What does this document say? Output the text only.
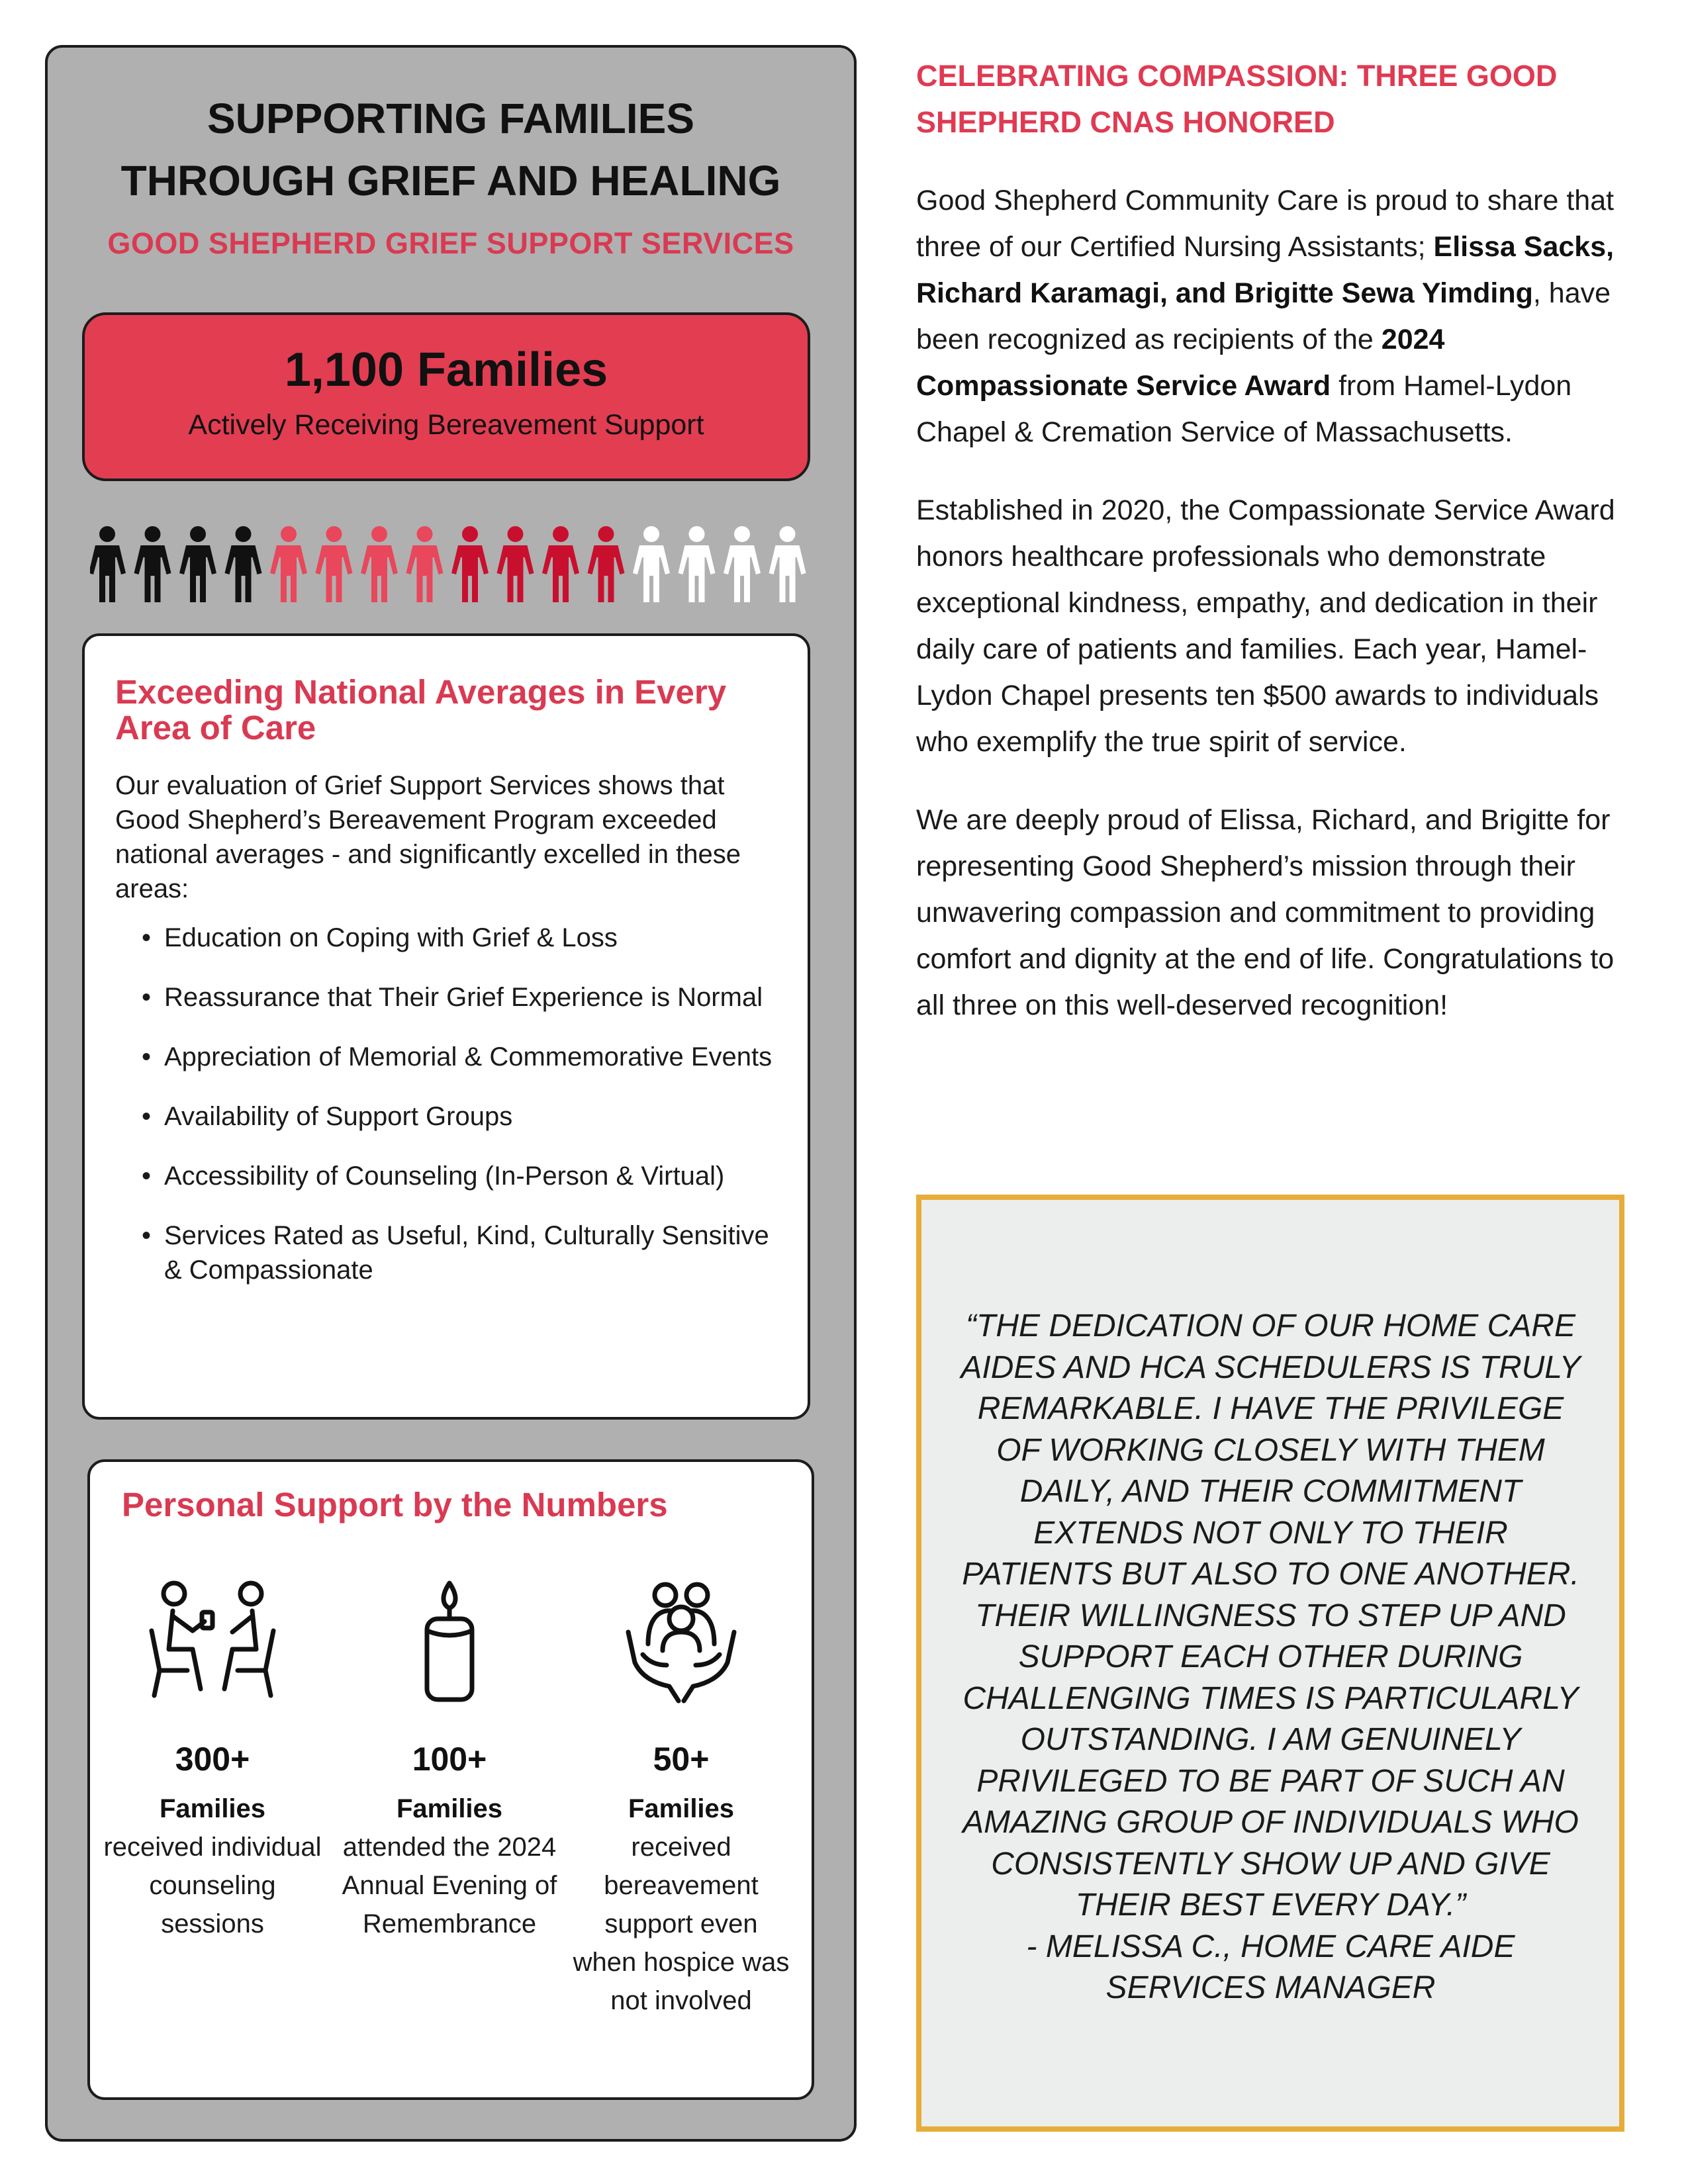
SUPPORTING FAMILIES
THROUGH GRIEF AND HEALING
GOOD SHEPHERD GRIEF SUPPORT SERVICES
1,100 Families
Actively Receiving Bereavement Support
Exceeding National Averages in Every Area of Care

Our evaluation of Grief Support Services shows that Good Shepherd’s Bereavement Program exceeded national averages - and significantly excelled in these areas:

• Education on Coping with Grief & Loss
• Reassurance that Their Grief Experience is Normal
• Appreciation of Memorial & Commemorative Events
• Availability of Support Groups
• Accessibility of Counseling (In-Person & Virtual)
• Services Rated as Useful, Kind, Culturally Sensitive & Compassionate
Personal Support by the Numbers
300+
Families
received individual counseling sessions
100+
Families
attended the 2024 Annual Evening of Remembrance
50+
Families
received bereavement support even when hospice was not involved
CELEBRATING COMPASSION: THREE GOOD SHEPHERD CNAS HONORED

Good Shepherd Community Care is proud to share that three of our Certified Nursing Assistants; Elissa Sacks, Richard Karamagi, and Brigitte Sewa Yimding, have been recognized as recipients of the 2024 Compassionate Service Award from Hamel-Lydon Chapel & Cremation Service of Massachusetts.

Established in 2020, the Compassionate Service Award honors healthcare professionals who demonstrate exceptional kindness, empathy, and dedication in their daily care of patients and families. Each year, Hamel-Lydon Chapel presents ten $500 awards to individuals who exemplify the true spirit of service.

We are deeply proud of Elissa, Richard, and Brigitte for representing Good Shepherd’s mission through their unwavering compassion and commitment to providing comfort and dignity at the end of life. Congratulations to all three on this well-deserved recognition!

“THE DEDICATION OF OUR HOME CARE AIDES AND HCA SCHEDULERS IS TRULY REMARKABLE. I HAVE THE PRIVILEGE OF WORKING CLOSELY WITH THEM DAILY, AND THEIR COMMITMENT EXTENDS NOT ONLY TO THEIR PATIENTS BUT ALSO TO ONE ANOTHER. THEIR WILLINGNESS TO STEP UP AND SUPPORT EACH OTHER DURING CHALLENGING TIMES IS PARTICULARLY OUTSTANDING. I AM GENUINELY PRIVILEGED TO BE PART OF SUCH AN AMAZING GROUP OF INDIVIDUALS WHO CONSISTENTLY SHOW UP AND GIVE THEIR BEST EVERY DAY.”
- MELISSA C., HOME CARE AIDE SERVICES MANAGER
